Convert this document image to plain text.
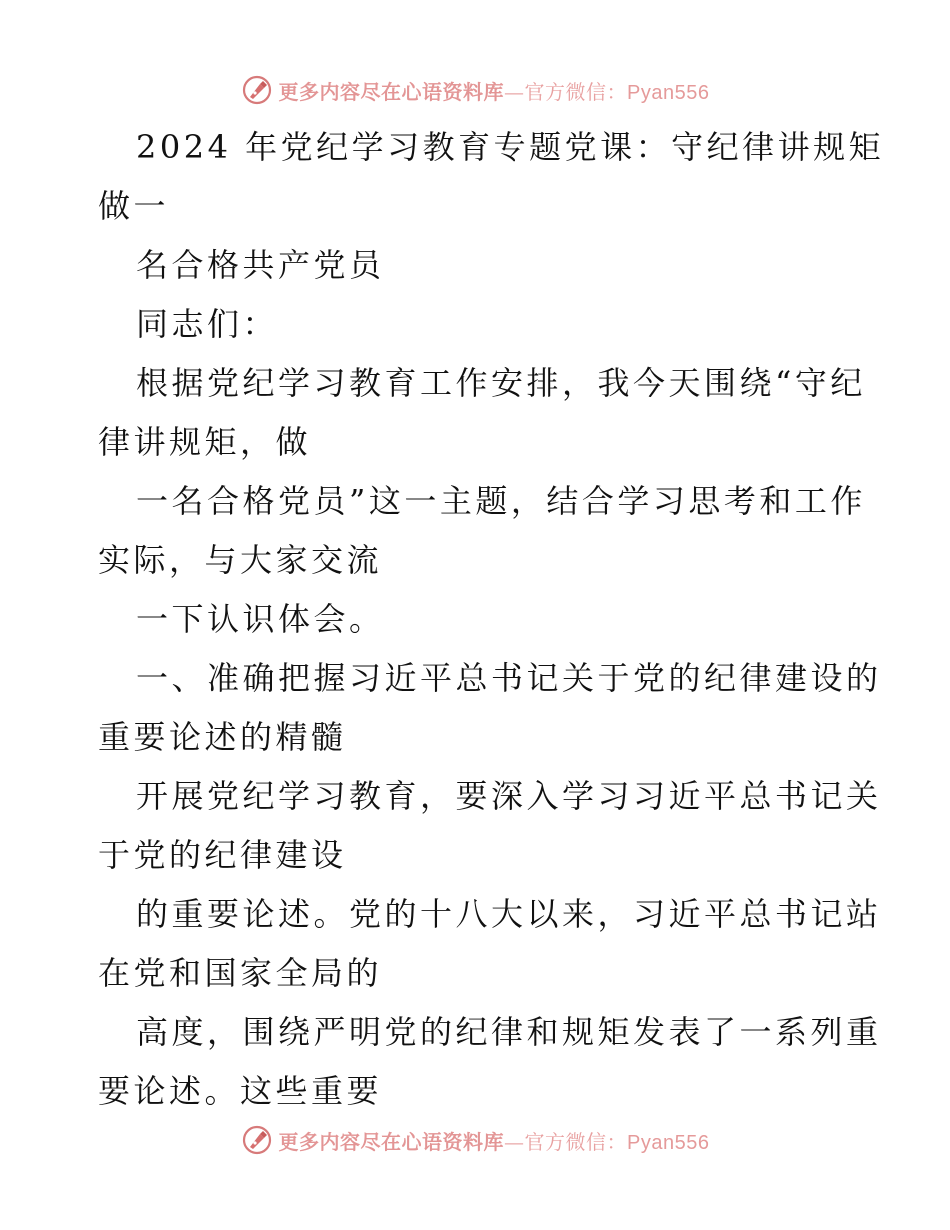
更多内容尽在心语资料库—官方微信：Pyan556
2024 年党纪学习教育专题党课：守纪律讲规矩
做一
名合格共产党员
同志们：
根据党纪学习教育工作安排，我今天围绕“守纪
律讲规矩，做
一名合格党员”这一主题，结合学习思考和工作
实际，与大家交流
一下认识体会。
一、准确把握习近平总书记关于党的纪律建设的
重要论述的精髓
开展党纪学习教育，要深入学习习近平总书记关
于党的纪律建设
的重要论述。党的十八大以来，习近平总书记站
在党和国家全局的
高度，围绕严明党的纪律和规矩发表了一系列重
要论述。这些重要
更多内容尽在心语资料库—官方微信：Pyan556
